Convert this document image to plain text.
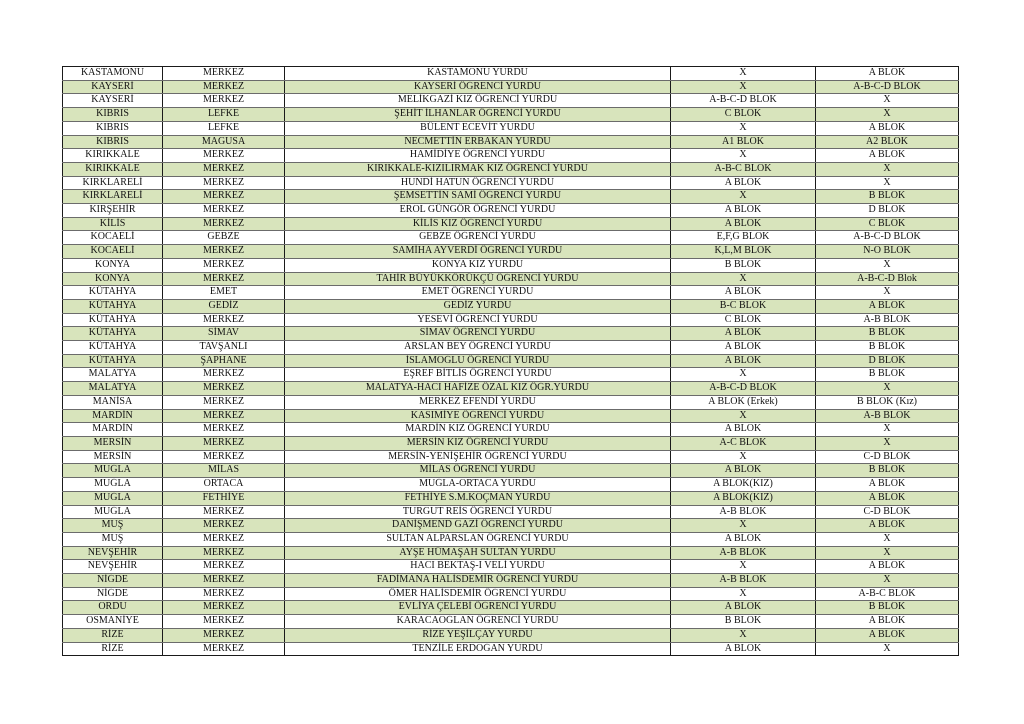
KASTAMONU	MERKEZ	KASTAMONU YURDU	X	A BLOK
KAYSERİ	MERKEZ	KAYSERİ ÖĞRENCİ YURDU	X	A-B-C-D BLOK
KAYSERİ	MERKEZ	MELİKGAZİ KIZ ÖĞRENCİ YURDU	A-B-C-D BLOK	X
KIBRIS	LEFKE	ŞEHİT İLHANLAR ÖĞRENCİ YURDU	C BLOK	X
KIBRIS	LEFKE	BÜLENT ECEVİT YURDU	X	A BLOK
KIBRIS	MAGUSA	NECMETTİN ERBAKAN YURDU	A1 BLOK	A2 BLOK
KIRIKKALE	MERKEZ	HAMİDİYE ÖĞRENCİ YURDU	X	A BLOK
KIRIKKALE	MERKEZ	KIRIKKALE-KIZILIRMAK KIZ ÖĞRENCİ YURDU	A-B-C BLOK	X
KIRKLARELİ	MERKEZ	HUNDİ HATUN ÖĞRENCİ YURDU	A BLOK	X
KIRKLARELİ	MERKEZ	ŞEMSETTİN SAMİ ÖĞRENCİ YURDU	X	B BLOK
KIRŞEHİR	MERKEZ	EROL GÜNGÖR ÖĞRENCİ YURDU	A BLOK	D BLOK
KİLİS	MERKEZ	KİLİS KIZ ÖĞRENCİ YURDU	A BLOK	C BLOK
KOCAELİ	GEBZE	GEBZE ÖĞRENCİ YURDU	E,F,G BLOK	A-B-C-D BLOK
KOCAELİ	MERKEZ	SAMİHA AYVERDİ ÖĞRENCİ YURDU	K,L,M BLOK	N-O BLOK
KONYA	MERKEZ	KONYA KIZ YURDU	B BLOK	X
KONYA	MERKEZ	TAHİR BÜYÜKKÖRÜKÇÜ ÖĞRENCİ YURDU	X	A-B-C-D Blok
KÜTAHYA	EMET	EMET ÖĞRENCİ YURDU	A BLOK	X
KÜTAHYA	GEDİZ	GEDİZ YURDU	B-C BLOK	A BLOK
KÜTAHYA	MERKEZ	YESEVİ ÖĞRENCİ YURDU	C BLOK	A-B BLOK
KÜTAHYA	SİMAV	SİMAV ÖĞRENCİ YURDU	A BLOK	B BLOK
KÜTAHYA	TAVŞANLI	ARSLAN BEY ÖĞRENCİ YURDU	A BLOK	B BLOK
KÜTAHYA	ŞAPHANE	İSLAMOĞLU ÖĞRENCİ YURDU	A BLOK	D BLOK
MALATYA	MERKEZ	EŞREF BİTLİS ÖĞRENCİ YURDU	X	B BLOK
MALATYA	MERKEZ	MALATYA-HACI HAFİZE ÖZAL KIZ ÖĞR.YURDU	A-B-C-D BLOK	X
MANİSA	MERKEZ	MERKEZ EFENDİ YURDU	A BLOK (Erkek)	B BLOK (Kız)
MARDİN	MERKEZ	KASIMİYE ÖĞRENCİ YURDU	X	A-B BLOK
MARDİN	MERKEZ	MARDİN KIZ ÖĞRENCİ YURDU	A BLOK	X
MERSİN	MERKEZ	MERSİN KIZ ÖĞRENCİ YURDU	A-C BLOK	X
MERSİN	MERKEZ	MERSİN-YENİŞEHİR ÖĞRENCİ YURDU	X	C-D BLOK
MUĞLA	MİLAS	MİLAS ÖĞRENCİ YURDU	A BLOK	B BLOK
MUĞLA	ORTACA	MUĞLA-ORTACA YURDU	A BLOK(KIZ)	A BLOK
MUĞLA	FETHİYE	FETHİYE S.M.KOÇMAN YURDU	A BLOK(KIZ)	A BLOK
MUĞLA	MERKEZ	TURGUT REİS ÖĞRENCİ YURDU	A-B BLOK	C-D BLOK
MUŞ	MERKEZ	DANİŞMEND GAZİ ÖĞRENCİ YURDU	X	A BLOK
MUŞ	MERKEZ	SULTAN ALPARSLAN ÖĞRENCİ YURDU	A BLOK	X
NEVŞEHİR	MERKEZ	AYŞE HÜMAŞAH SULTAN YURDU	A-B BLOK	X
NEVŞEHİR	MERKEZ	HACI BEKTAŞ-I VELİ YURDU	X	A BLOK
NİĞDE	MERKEZ	FADİMANA HALİSDEMİR ÖĞRENCİ YURDU	A-B BLOK	X
NİĞDE	MERKEZ	ÖMER HALİSDEMİR ÖĞRENCİ YURDU	X	A-B-C BLOK
ORDU	MERKEZ	EVLİYA ÇELEBİ ÖĞRENCİ YURDU	A BLOK	B BLOK
OSMANİYE	MERKEZ	KARACAOĞLAN ÖĞRENCİ YURDU	B BLOK	A BLOK
RİZE	MERKEZ	RİZE YEŞİLÇAY YURDU	X	A BLOK
RİZE	MERKEZ	TENZİLE ERDOĞAN YURDU	A BLOK	X
